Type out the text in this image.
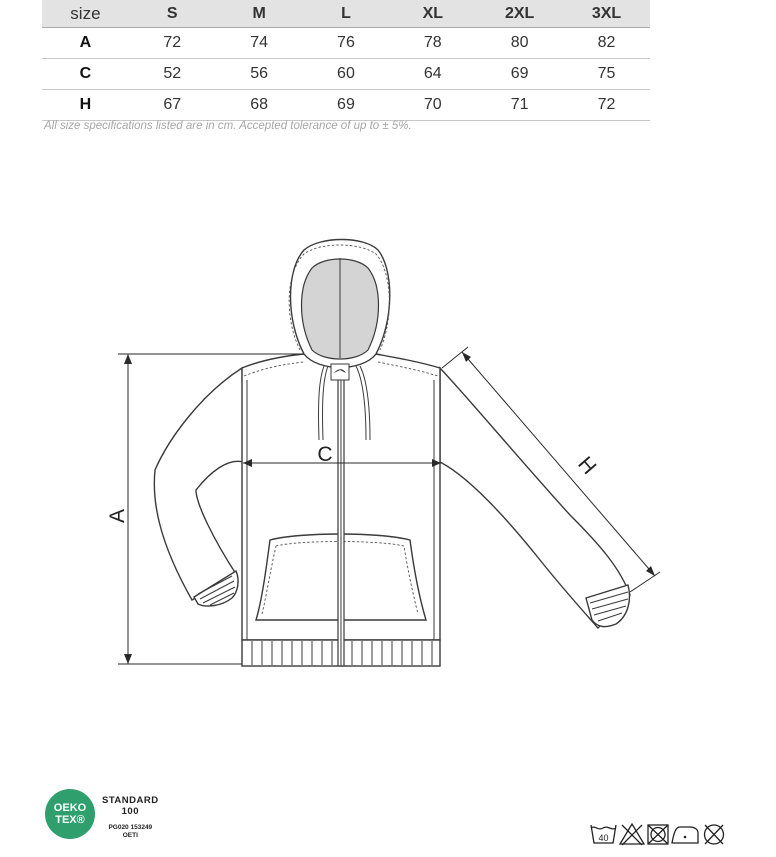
size	S	M	L	XL	2XL	3XL
A	72	74	76	78	80	82
C	52	56	60	64	69	75
H	67	68	69	70	71	72
All size specifications listed are in cm. Accepted tolerance of up to ± 5%.
A
C	H
OEKO
TEX®
STANDARD
100
PG020 153249
OETI	40
